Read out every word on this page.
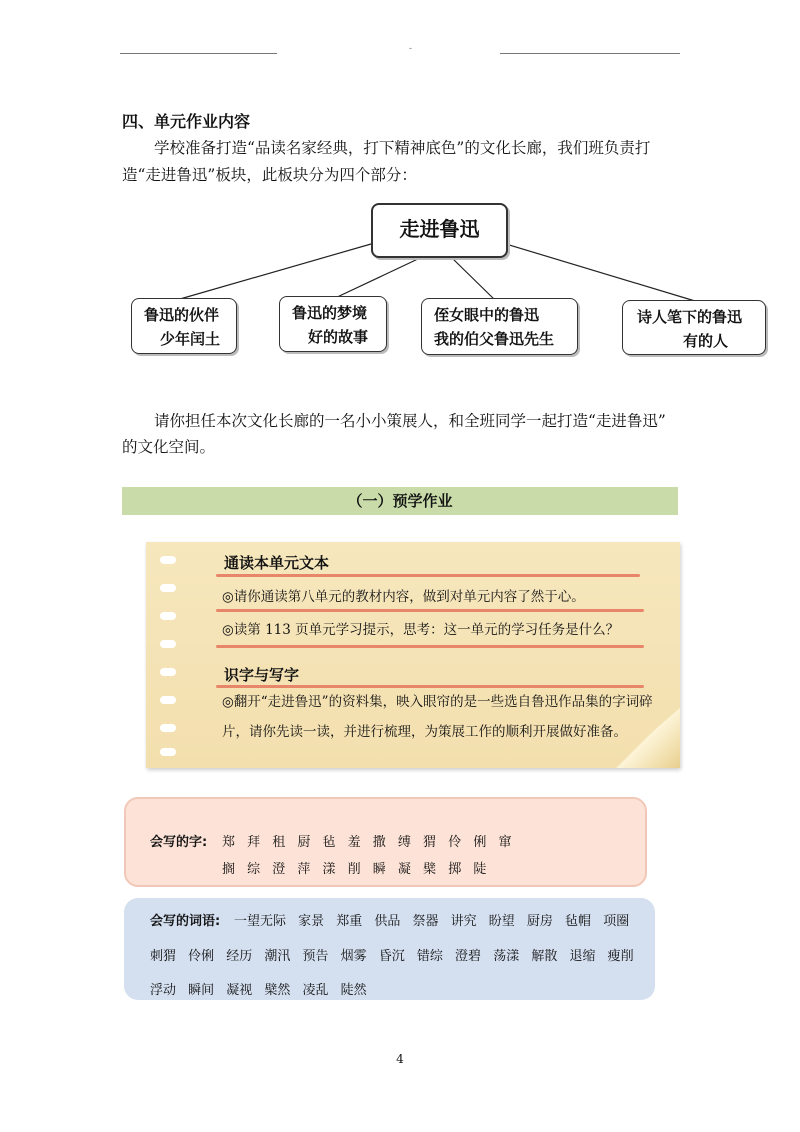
-
四、单元作业内容
学校准备打造“品读名家经典，打下精神底色”的文化长廊，我们班负责打
造“走进鲁迅”板块，此板块分为四个部分：
走进鲁迅
鲁迅的伙伴
少年闰土
鲁迅的梦境
好的故事
侄女眼中的鲁迅
我的伯父鲁迅先生
诗人笔下的鲁迅
有的人
请你担任本次文化长廊的一名小小策展人，和全班同学一起打造“走进鲁迅”
的文化空间。
（一）预学作业
通读本单元文本
◎请你通读第八单元的教材内容，做到对单元内容了然于心。
◎读第 113 页单元学习提示，思考：这一单元的学习任务是什么？
识字与写字
◎翻开“走进鲁迅”的资料集，映入眼帘的是一些选自鲁迅作品集的字词碎
片，请你先读一读，并进行梳理，为策展工作的顺利开展做好准备。
会写的字: 郑 拜 租 厨 毡 羞 撒 缚 猬 伶 俐 窜
搁 综 澄 萍 漾 削 瞬 凝 檗 掷 陡
会写的词语: 一望无际 家景 郑重 供品 祭器 讲究 盼望 厨房 毡帽 项圈
刺猬 伶俐 经历 潮汛 预告 烟雾 昏沉 错综 澄碧 荡漾 解散 退缩 瘦削
浮动 瞬间 凝视 檗然 凌乱 陡然
4
